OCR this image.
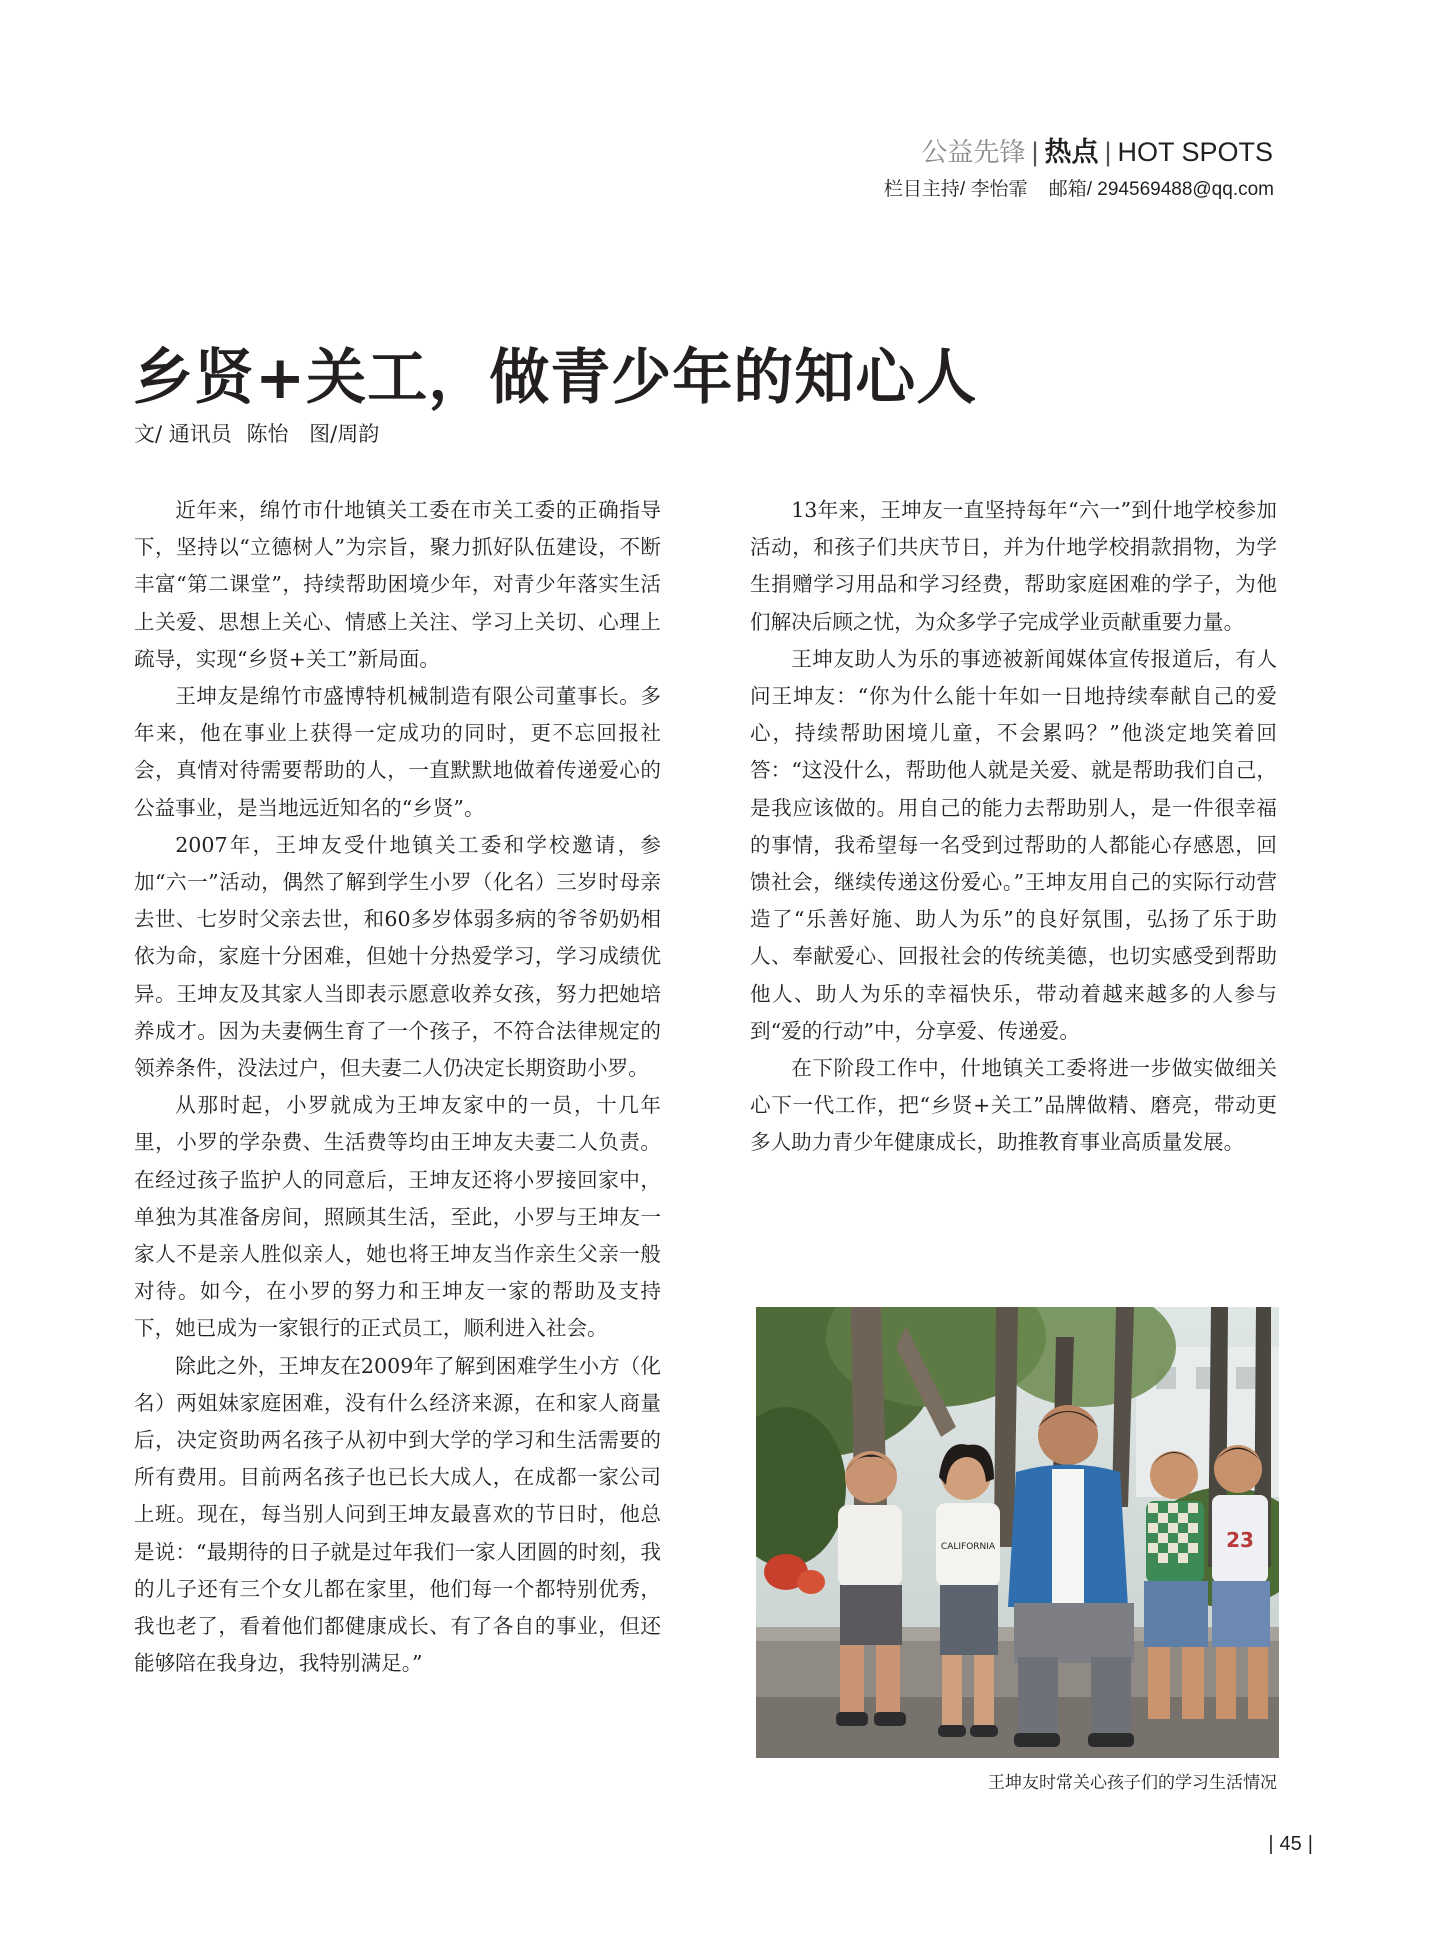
公益先锋 | 热点 | HOT SPOTS
栏目主持/ 李怡霏 邮箱/ 294569488@qq.com
乡贤+关工，做青少年的知心人
文/ 通讯员 陈怡 图/周韵

近年来，绵竹市什地镇关工委在市关工委的正确指导下，坚持以“立德树人”为宗旨，聚力抓好队伍建设，不断丰富“第二课堂”，持续帮助困境少年，对青少年落实生活上关爱、思想上关心、情感上关注、学习上关切、心理上疏导，实现“乡贤+关工”新局面。

王坤友是绵竹市盛博特机械制造有限公司董事长。多年来，他在事业上获得一定成功的同时，更不忘回报社会，真情对待需要帮助的人，一直默默地做着传递爱心的公益事业，是当地远近知名的“乡贤”。

2007年，王坤友受什地镇关工委和学校邀请，参加“六一”活动，偶然了解到学生小罗（化名）三岁时母亲去世、七岁时父亲去世，和60多岁体弱多病的爷爷奶奶相依为命，家庭十分困难，但她十分热爱学习，学习成绩优异。王坤友及其家人当即表示愿意收养女孩，努力把她培养成才。因为夫妻俩生育了一个孩子，不符合法律规定的领养条件，没法过户，但夫妻二人仍决定长期资助小罗。

从那时起，小罗就成为王坤友家中的一员，十几年里，小罗的学杂费、生活费等均由王坤友夫妻二人负责。在经过孩子监护人的同意后，王坤友还将小罗接回家中，单独为其准备房间，照顾其生活，至此，小罗与王坤友一家人不是亲人胜似亲人，她也将王坤友当作亲生父亲一般对待。如今，在小罗的努力和王坤友一家的帮助及支持下，她已成为一家银行的正式员工，顺利进入社会。

除此之外，王坤友在2009年了解到困难学生小方（化名）两姐妹家庭困难，没有什么经济来源，在和家人商量后，决定资助两名孩子从初中到大学的学习和生活需要的所有费用。目前两名孩子也已长大成人，在成都一家公司上班。现在，每当别人问到王坤友最喜欢的节日时，他总是说：“最期待的日子就是过年我们一家人团圆的时刻，我的儿子还有三个女儿都在家里，他们每一个都特别优秀，我也老了，看着他们都健康成长、有了各自的事业，但还能够陪在我身边，我特别满足。”

13年来，王坤友一直坚持每年“六一”到什地学校参加活动，和孩子们共庆节日，并为什地学校捐款捐物，为学生捐赠学习用品和学习经费，帮助家庭困难的学子，为他们解决后顾之忧，为众多学子完成学业贡献重要力量。

王坤友助人为乐的事迹被新闻媒体宣传报道后，有人问王坤友：“你为什么能十年如一日地持续奉献自己的爱心，持续帮助困境儿童，不会累吗？”他淡定地笑着回答：“这没什么，帮助他人就是关爱、就是帮助我们自己，是我应该做的。用自己的能力去帮助别人，是一件很幸福的事情，我希望每一名受到过帮助的人都能心存感恩，回馈社会，继续传递这份爱心。”王坤友用自己的实际行动营造了“乐善好施、助人为乐”的良好氛围，弘扬了乐于助人、奉献爱心、回报社会的传统美德，也切实感受到帮助他人、助人为乐的幸福快乐，带动着越来越多的人参与到“爱的行动”中，分享爱、传递爱。

在下阶段工作中，什地镇关工委将进一步做实做细关心下一代工作，把“乡贤+关工”品牌做精、磨亮，带动更多人助力青少年健康成长，助推教育事业高质量发展。

CALIFORNIA	23
王坤友时常关心孩子们的学习生活情况
| 45 |
